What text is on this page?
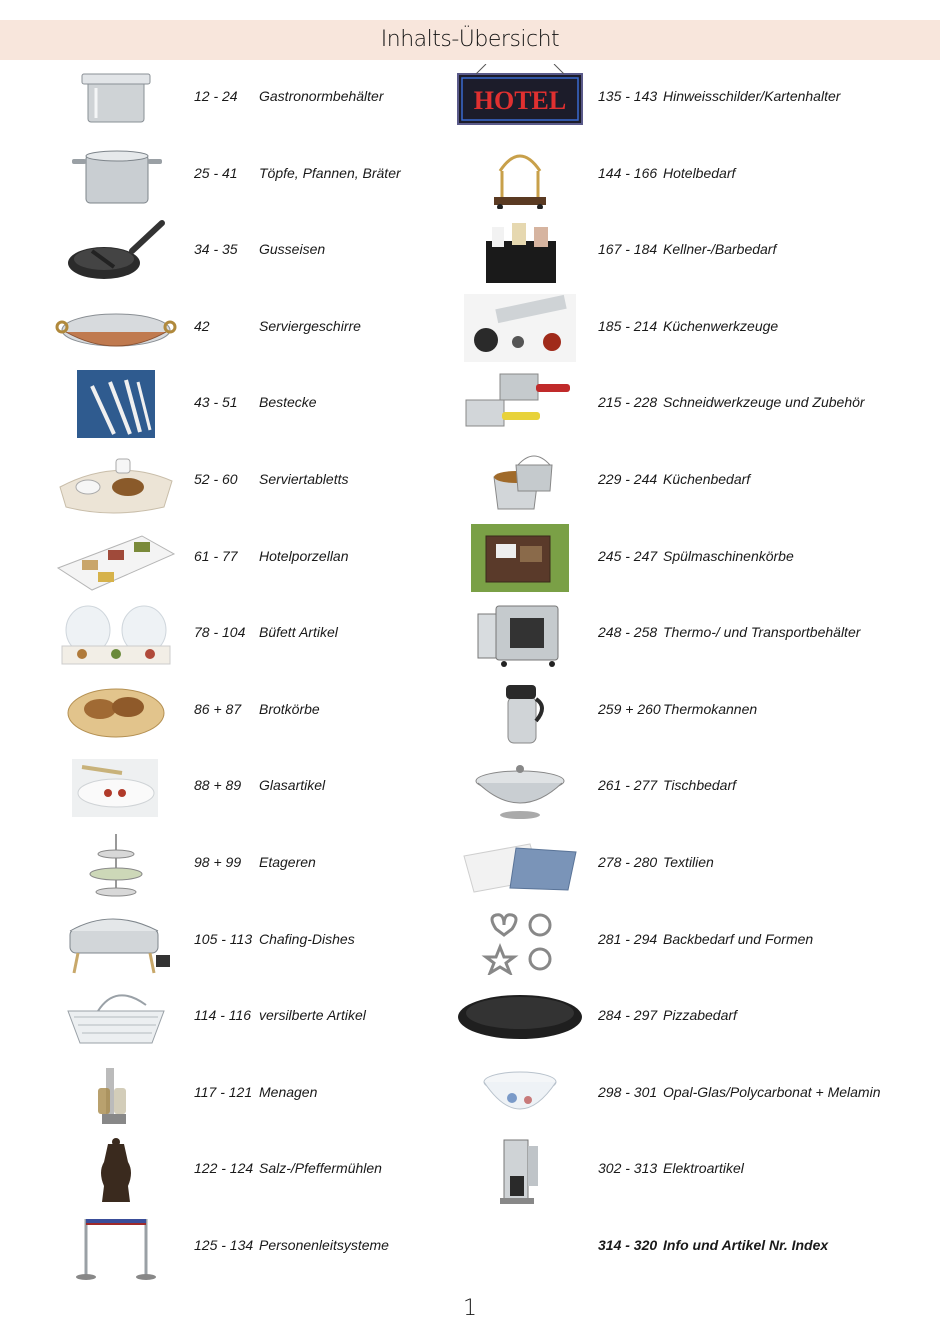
Inhalts-Übersicht
12 - 24 Gastronormbehälter
25 - 41 Töpfe, Pfannen, Bräter
34 - 35 Gusseisen
42	Serviergeschirre
43 - 51 Bestecke
52 - 60 Serviertabletts
61 - 77 Hotelporzellan
78 - 104 Büfett Artikel
86 + 87 Brotkörbe
88 + 89 Glasartikel
98 + 99 Etageren
105 - 113 Chafing-Dishes
114 - 116 versilberte Artikel
117 - 121 Menagen
122 - 124 Salz-/Pfeffermühlen
125 - 134 Personenleitsysteme
HOTEL 135 - 143 Hinweisschilder/Kartenhalter
144 - 166 Hotelbedarf
167 - 184 Kellner-/Barbedarf
185 - 214 Küchenwerkzeuge
215 - 228 Schneidwerkzeuge und Zubehör
229 - 244 Küchenbedarf
245 - 247 Spülmaschinenkörbe
248 - 258 Thermo-/ und Transportbehälter
259 + 260 Thermokannen
261 - 277 Tischbedarf
278 - 280 Textilien
281 - 294 Backbedarf und Formen
284 - 297 Pizzabedarf
298 - 301 Opal-Glas/Polycarbonat + Melamin
302 - 313 Elektroartikel
314 - 320 Info und Artikel Nr. Index
1
